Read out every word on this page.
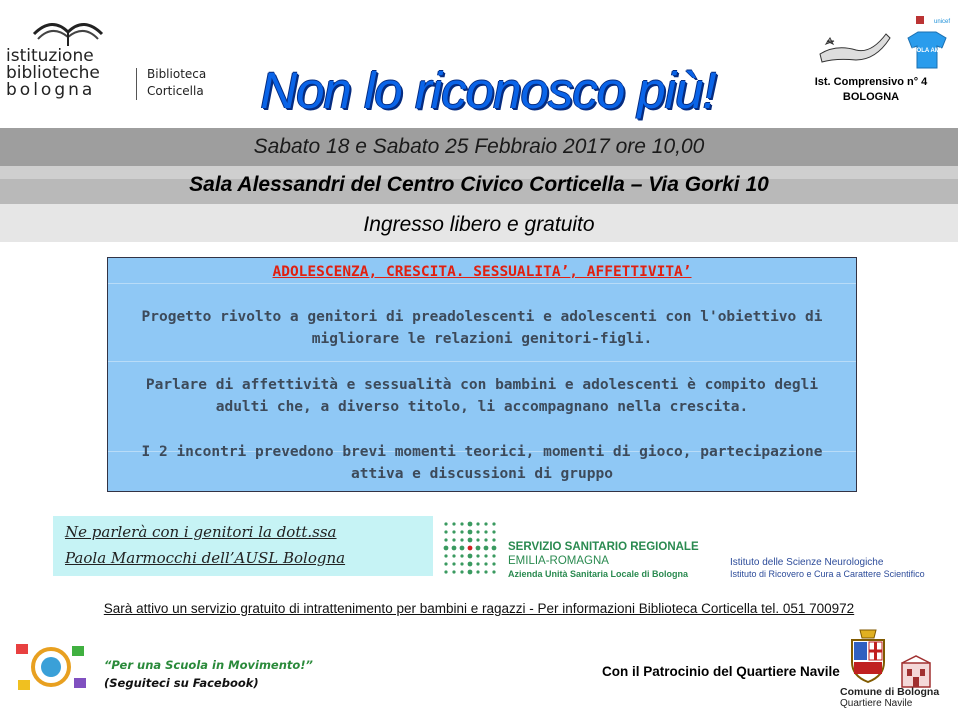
istituzione
biblioteche
bologna
Biblioteca
Corticella	Non lo riconosco più!
SCUOLA AMICA
unicef
Ist. Comprensivo n° 4
BOLOGNA
Sabato 18 e Sabato 25 Febbraio 2017 ore 10,00
Sala Alessandri del Centro Civico Corticella – Via Gorki 10
Ingresso libero e gratuito
ADOLESCENZA, CRESCITA. SESSUALITA’, AFFETTIVITA’
Progetto rivolto a genitori di preadolescenti e adolescenti con l'obiettivo di migliorare le relazioni genitori-figli.
Parlare di affettività e sessualità con bambini e adolescenti è compito degli adulti che, a diverso titolo, li accompagnano nella crescita.
I 2 incontri prevedono brevi momenti teorici, momenti di gioco, partecipazione attiva e discussioni di gruppo
Ne parlerà con i genitori la dott.ssa
Paola Marmocchi dell’AUSL Bologna
SERVIZIO SANITARIO REGIONALE
EMILIA-ROMAGNA
Azienda Unità Sanitaria Locale di Bologna
Istituto delle Scienze Neurologiche
Istituto di Ricovero e Cura a Carattere Scientifico
Sarà attivo un servizio gratuito di intrattenimento per bambini e ragazzi - Per informazioni Biblioteca Corticella tel. 051 700972
“Per una Scuola in Movimento!”
(Seguiteci su Facebook)
Con il Patrocinio del Quartiere Navile
Comune di Bologna
Quartiere Navile
